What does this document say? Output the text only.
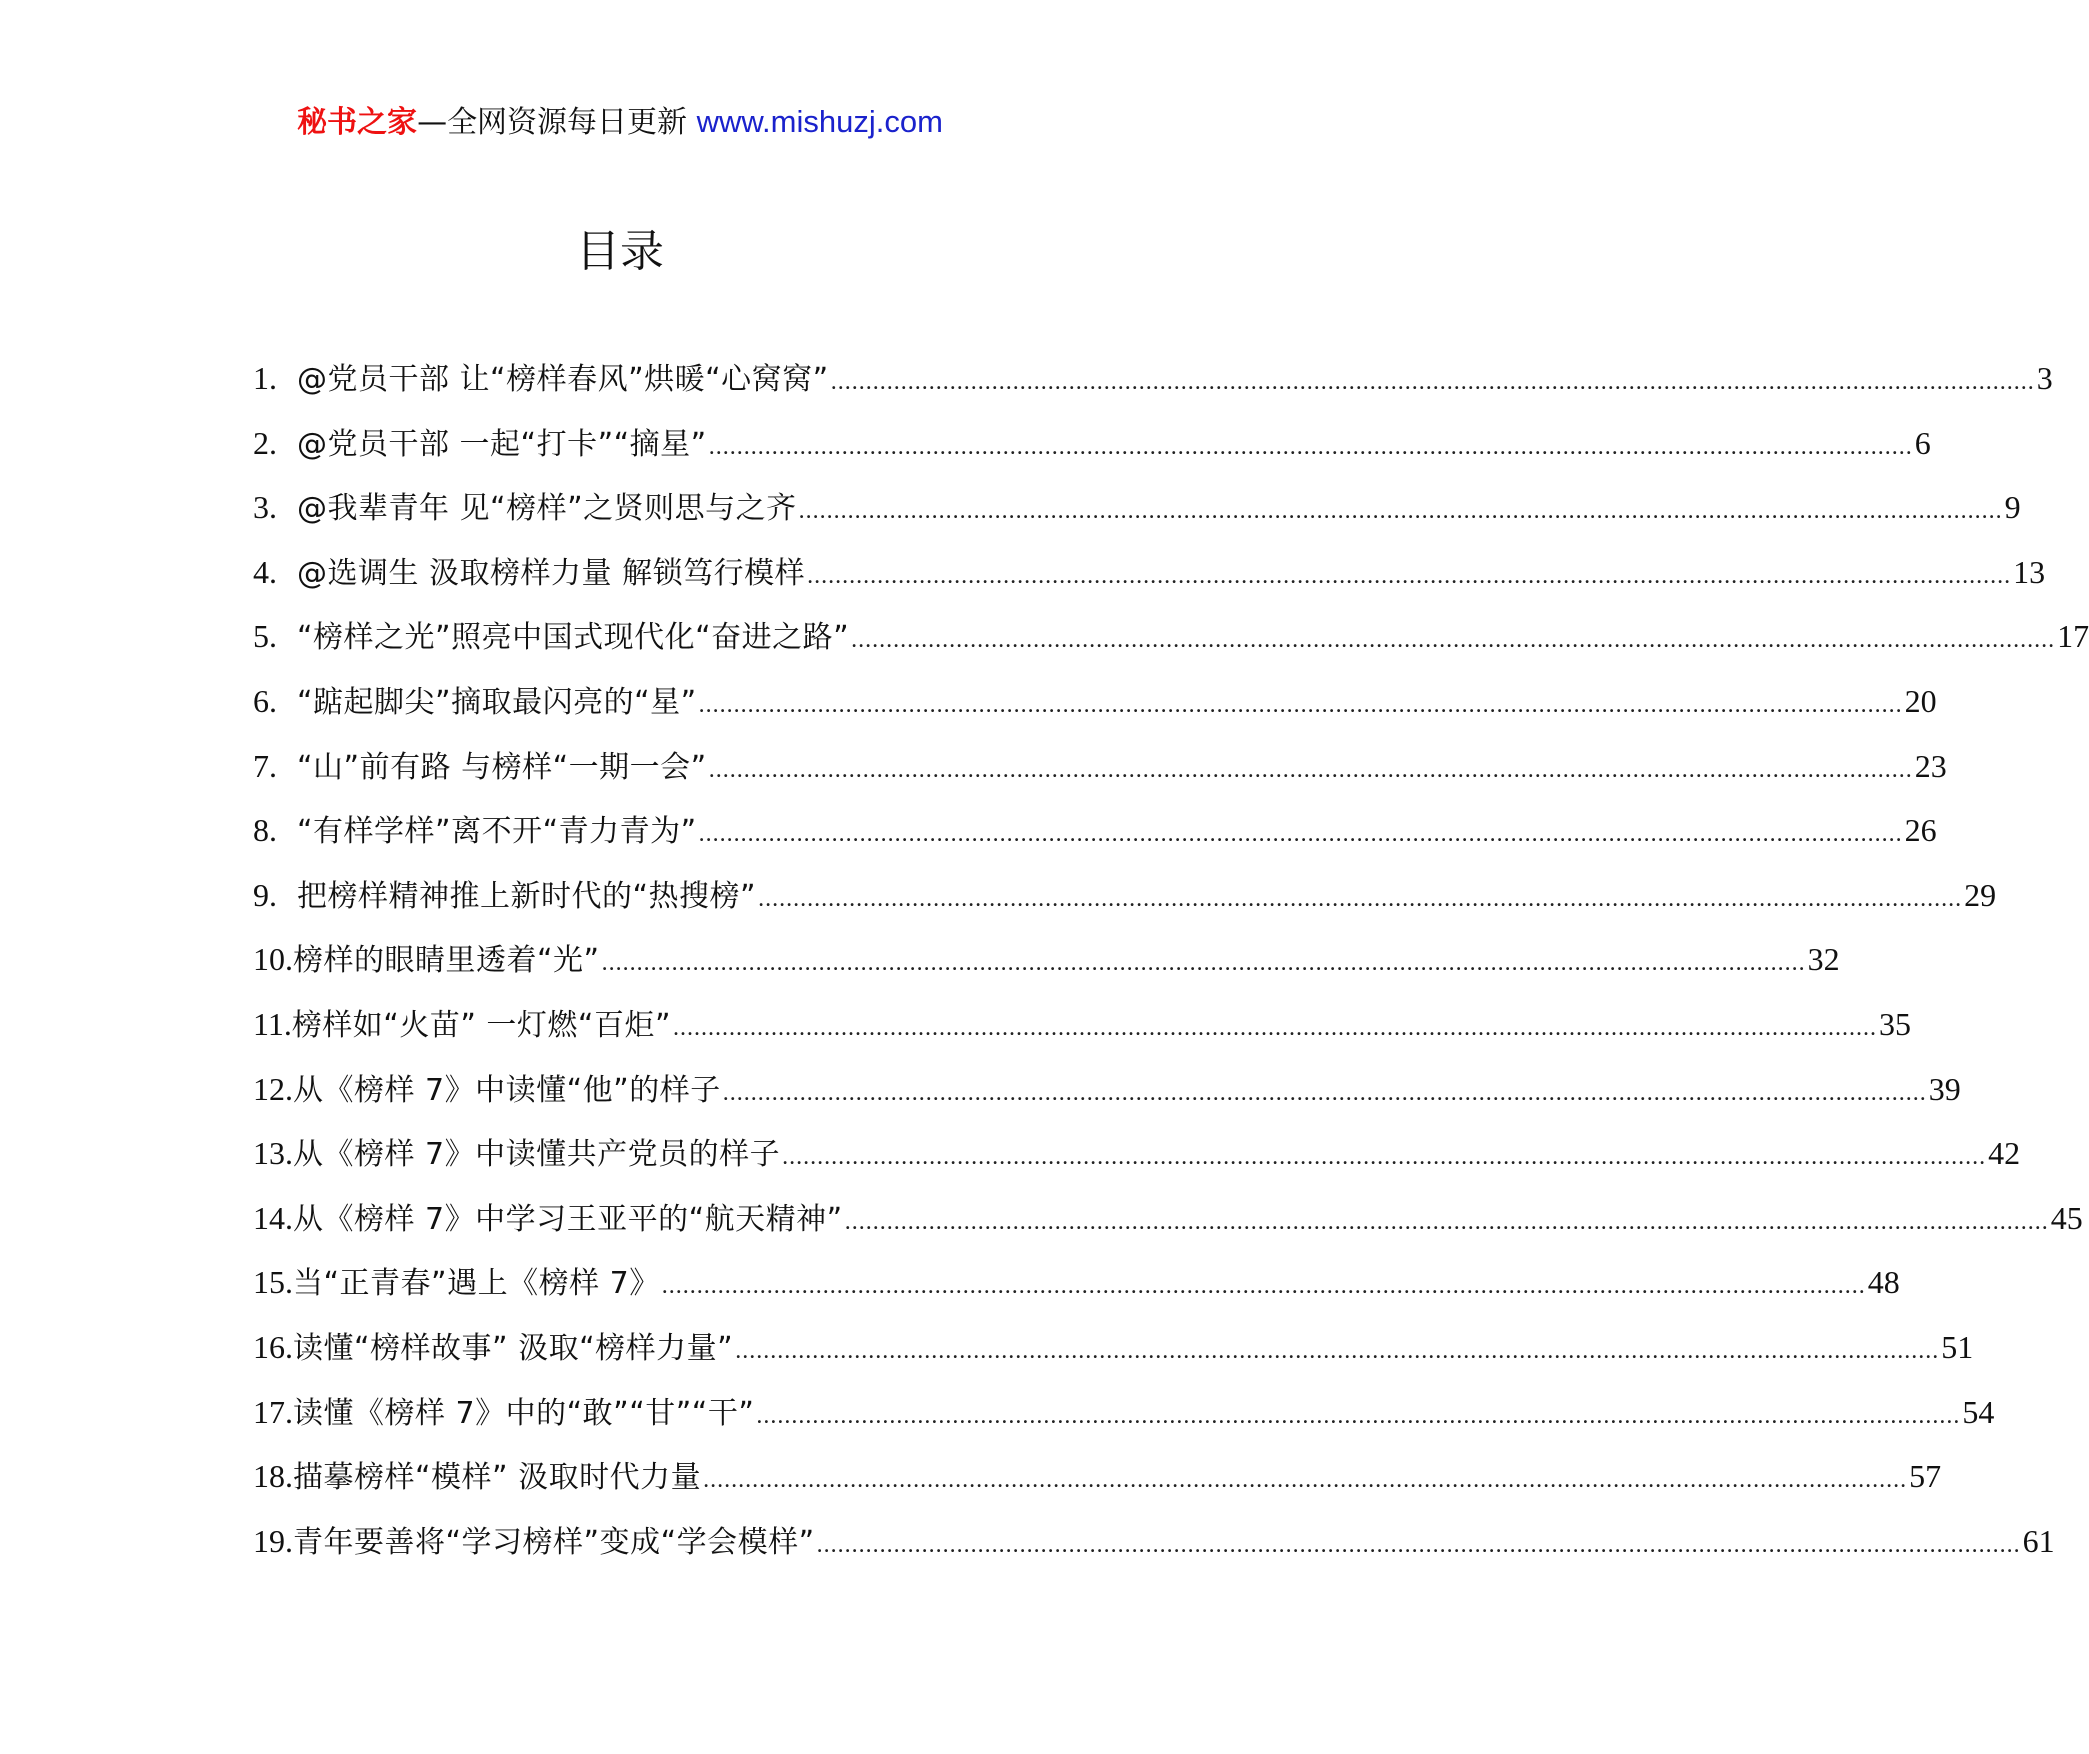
秘书之家—全网资源每日更新 www.mishuzj.com
目录
1. @党员干部 让“榜样春风”烘暖“心窝窝” .....	3
2. @党员干部 一起“打卡”“摘星” .....	6
3. @我辈青年 见“榜样”之贤则思与之齐 .....	9
4. @选调生 汲取榜样力量 解锁笃行模样 .....	13
5. “榜样之光”照亮中国式现代化“奋进之路” .....	17
6. “踮起脚尖”摘取最闪亮的“星” .....	20
7. “山”前有路 与榜样“一期一会” .....	23
8. “有样学样”离不开“青力青为” .....	26
9. 把榜样精神推上新时代的“热搜榜” .....	29
10. 榜样的眼睛里透着“光” .....	32
11. 榜样如“火苗” 一灯燃“百炬” .....	35
12. 从《榜样 7》中读懂“他”的样子 .....	39
13. 从《榜样 7》中读懂共产党员的样子 .....	42
14. 从《榜样 7》中学习王亚平的“航天精神” .....	45
15. 当“正青春”遇上《榜样 7》 .....	48
16. 读懂“榜样故事” 汲取“榜样力量” .....	51
17. 读懂《榜样 7》中的“敢”“甘”“干” .....	54
18. 描摹榜样“模样” 汲取时代力量 .....	57
19. 青年要善将“学习榜样”变成“学会模样” .....	61
